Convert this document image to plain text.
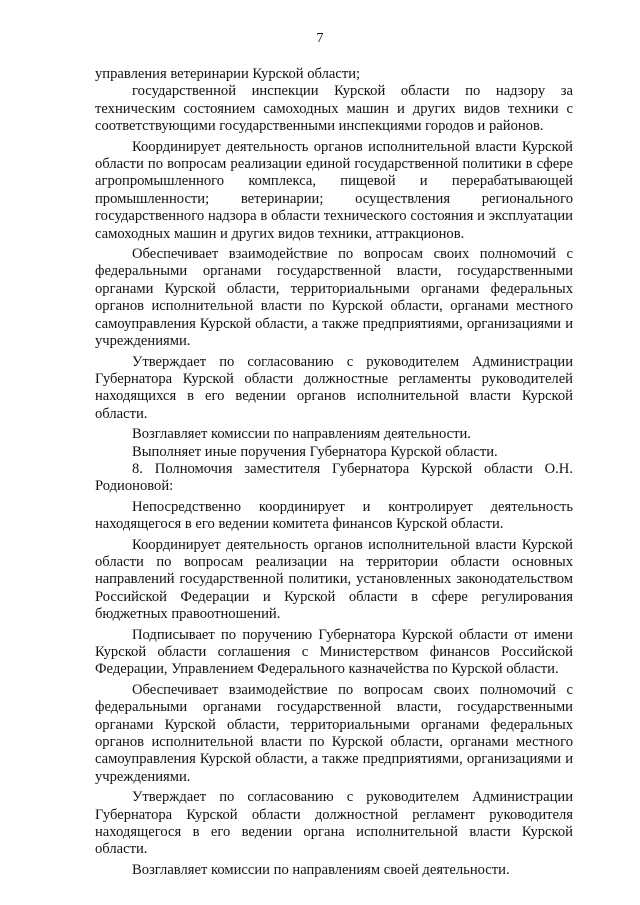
7

управления ветеринарии Курской области;

государственной инспекции Курской области по надзору за техническим состоянием самоходных машин и других видов техники с соответствующими государственными инспекциями городов и районов.

Координирует деятельность органов исполнительной власти Курской области по вопросам реализации единой государственной политики в сфере агропромышленного комплекса, пищевой и перерабатывающей промышленности; ветеринарии; осуществления регионального государственного надзора в области технического состояния и эксплуатации самоходных машин и других видов техники, аттракционов.

Обеспечивает взаимодействие по вопросам своих полномочий с федеральными органами государственной власти, государственными органами Курской области, территориальными органами федеральных органов исполнительной власти по Курской области, органами местного самоуправления Курской области, а также предприятиями, организациями и учреждениями.

Утверждает по согласованию с руководителем Администрации Губернатора Курской области должностные регламенты руководителей находящихся в его ведении органов исполнительной власти Курской области.

Возглавляет комиссии по направлениям деятельности.

Выполняет иные поручения Губернатора Курской области.

8. Полномочия заместителя Губернатора Курской области О.Н. Родионовой:

Непосредственно координирует и контролирует деятельность находящегося в его ведении комитета финансов Курской области.

Координирует деятельность органов исполнительной власти Курской области по вопросам реализации на территории области основных направлений государственной политики, установленных законодательством Российской Федерации и Курской области в сфере регулирования бюджетных правоотношений.

Подписывает по поручению Губернатора Курской области от имени Курской области соглашения с Министерством финансов Российской Федерации, Управлением Федерального казначейства по Курской области.

Обеспечивает взаимодействие по вопросам своих полномочий с федеральными органами государственной власти, государственными органами Курской области, территориальными органами федеральных органов исполнительной власти по Курской области, органами местного самоуправления Курской области, а также предприятиями, организациями и учреждениями.

Утверждает по согласованию с руководителем Администрации Губернатора Курской области должностной регламент руководителя находящегося в его ведении органа исполнительной власти Курской области.

Возглавляет комиссии по направлениям своей деятельности.
